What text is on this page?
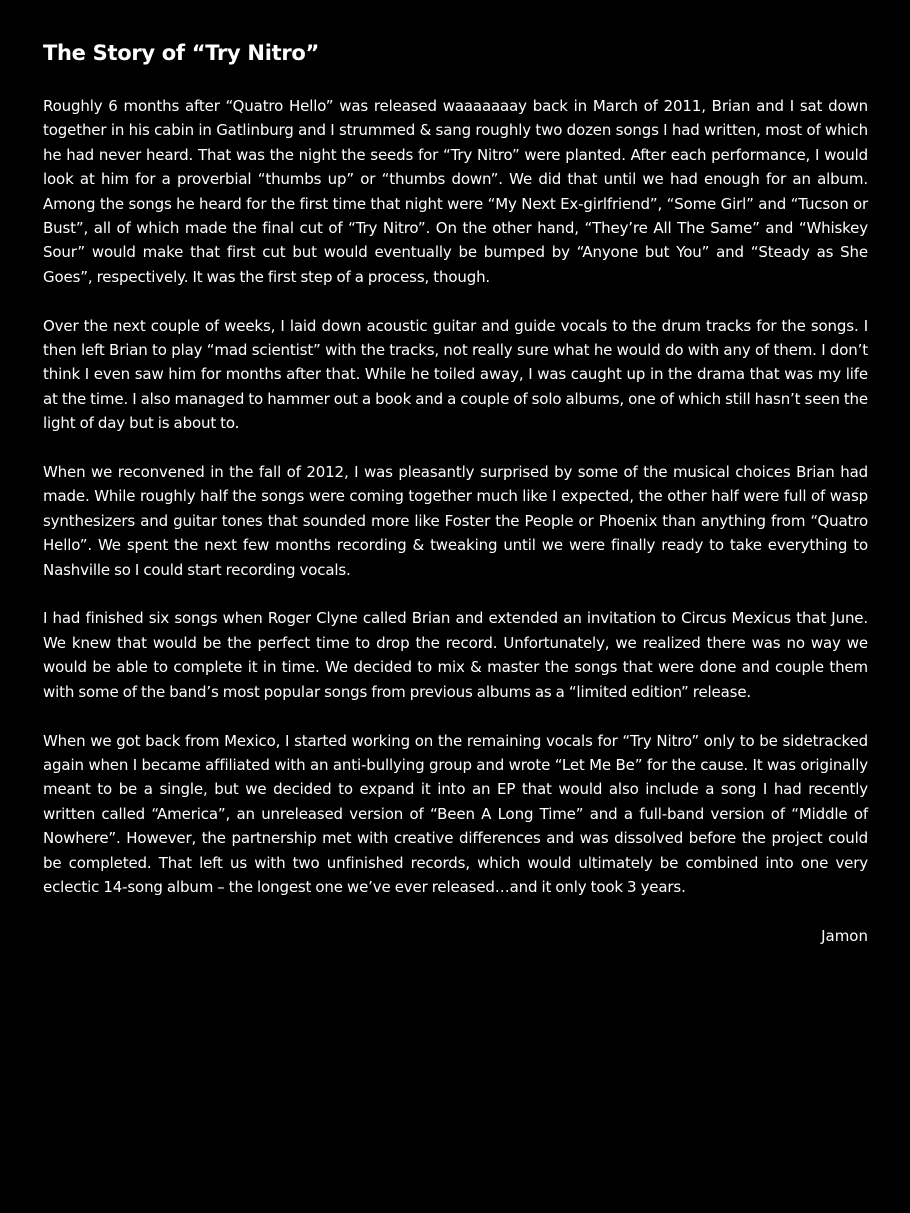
The Story of “Try Nitro”

Roughly 6 months after “Quatro Hello” was released waaaaaaay back in March of 2011, Brian and I sat down together in his cabin in Gatlinburg and I strummed & sang roughly two dozen songs I had written, most of which he had never heard. That was the night the seeds for “Try Nitro” were planted. After each performance, I would look at him for a proverbial “thumbs up” or “thumbs down”. We did that until we had enough for an album. Among the songs he heard for the first time that night were “My Next Ex-girlfriend”, “Some Girl” and “Tucson or Bust”, all of which made the final cut of “Try Nitro”. On the other hand, “They’re All The Same” and “Whiskey Sour” would make that first cut but would eventually be bumped by “Anyone but You” and “Steady as She Goes”, respectively. It was the first step of a process, though.

Over the next couple of weeks, I laid down acoustic guitar and guide vocals to the drum tracks for the songs. I then left Brian to play “mad scientist” with the tracks, not really sure what he would do with any of them. I don’t think I even saw him for months after that. While he toiled away, I was caught up in the drama that was my life at the time. I also managed to hammer out a book and a couple of solo albums, one of which still hasn’t seen the light of day but is about to.

When we reconvened in the fall of 2012, I was pleasantly surprised by some of the musical choices Brian had made. While roughly half the songs were coming together much like I expected, the other half were full of wasp synthesizers and guitar tones that sounded more like Foster the People or Phoenix than anything from “Quatro Hello”. We spent the next few months recording & tweaking until we were finally ready to take everything to Nashville so I could start recording vocals.

I had finished six songs when Roger Clyne called Brian and extended an invitation to Circus Mexicus that June. We knew that would be the perfect time to drop the record. Unfortunately, we realized there was no way we would be able to complete it in time. We decided to mix & master the songs that were done and couple them with some of the band’s most popular songs from previous albums as a “limited edition” release.

When we got back from Mexico, I started working on the remaining vocals for “Try Nitro” only to be sidetracked again when I became affiliated with an anti-bullying group and wrote “Let Me Be” for the cause. It was originally meant to be a single, but we decided to expand it into an EP that would also include a song I had recently written called “America”, an unreleased version of “Been A Long Time” and a full-band version of “Middle of Nowhere”. However, the partnership met with creative differences and was dissolved before the project could be completed. That left us with two unfinished records, which would ultimately be combined into one very eclectic 14-song album – the longest one we’ve ever released…and it only took 3 years.

Jamon
